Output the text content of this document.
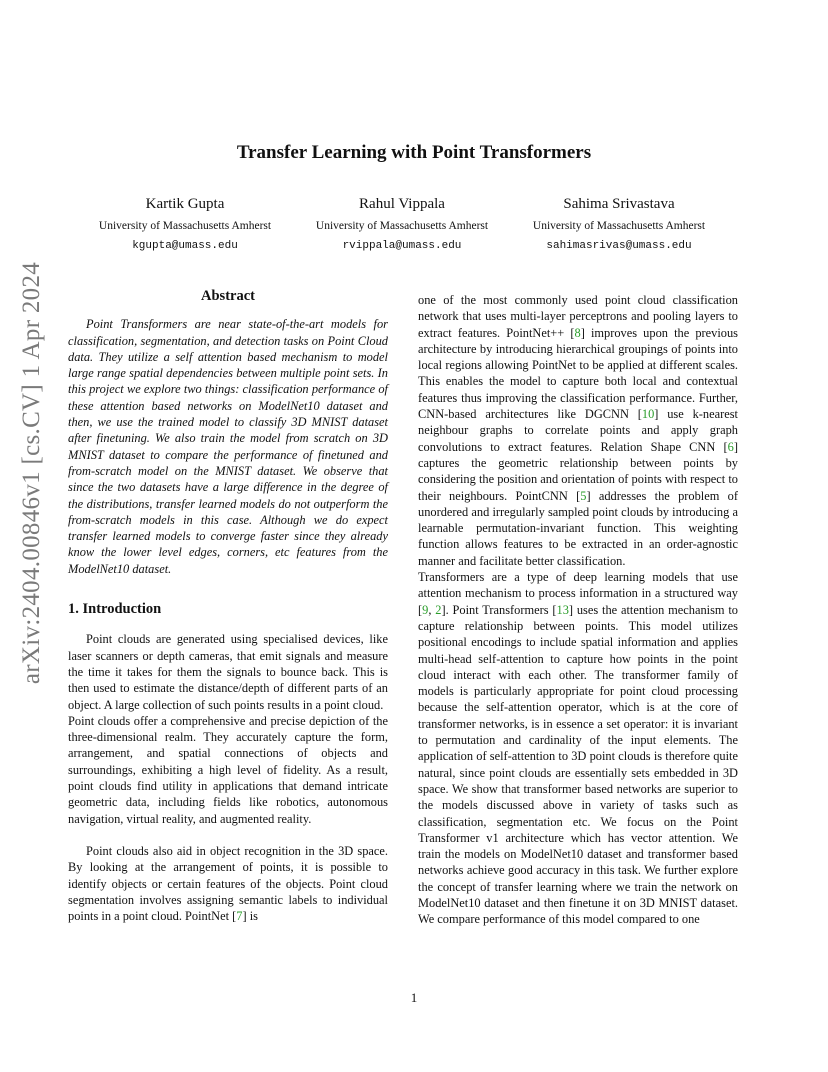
arXiv:2404.00846v1 [cs.CV] 1 Apr 2024
Transfer Learning with Point Transformers
Kartik Gupta
University of Massachusetts Amherst
kgupta@umass.edu
Rahul Vippala
University of Massachusetts Amherst
rvippala@umass.edu
Sahima Srivastava
University of Massachusetts Amherst
sahimasrivas@umass.edu
Abstract

Point Transformers are near state-of-the-art models for classification, segmentation, and detection tasks on Point Cloud data. They utilize a self attention based mechanism to model large range spatial dependencies between multiple point sets. In this project we explore two things: classification performance of these attention based networks on ModelNet10 dataset and then, we use the trained model to classify 3D MNIST dataset after finetuning. We also train the model from scratch on 3D MNIST dataset to compare the performance of finetuned and from-scratch model on the MNIST dataset. We observe that since the two datasets have a large difference in the degree of the distributions, transfer learned models do not outperform the from-scratch models in this case. Although we do expect transfer learned models to converge faster since they already know the lower level edges, corners, etc features from the ModelNet10 dataset.

1. Introduction

Point clouds are generated using specialised devices, like laser scanners or depth cameras, that emit signals and measure the time it takes for them the signals to bounce back. This is then used to estimate the distance/depth of different parts of an object. A large collection of such points results in a point cloud.

Point clouds offer a comprehensive and precise depiction of the three-dimensional realm. They accurately capture the form, arrangement, and spatial connections of objects and surroundings, exhibiting a high level of fidelity. As a result, point clouds find utility in applications that demand intricate geometric data, including fields like robotics, autonomous navigation, virtual reality, and augmented reality.

Point clouds also aid in object recognition in the 3D space. By looking at the arrangement of points, it is possible to identify objects or certain features of the objects. Point cloud segmentation involves assigning semantic labels to individual points in a point cloud. PointNet [7] is

one of the most commonly used point cloud classification network that uses multi-layer perceptrons and pooling layers to extract features. PointNet++ [8] improves upon the previous architecture by introducing hierarchical groupings of points into local regions allowing PointNet to be applied at different scales. This enables the model to capture both local and contextual features thus improving the classification performance. Further, CNN-based architectures like DGCNN [10] use k-nearest neighbour graphs to correlate points and apply graph convolutions to extract features. Relation Shape CNN [6] captures the geometric relationship between points by considering the position and orientation of points with respect to their neighbours. PointCNN [5] addresses the problem of unordered and irregularly sampled point clouds by introducing a learnable permutation-invariant function. This weighting function allows features to be extracted in an order-agnostic manner and facilitate better classification.

Transformers are a type of deep learning models that use attention mechanism to process information in a structured way [9, 2]. Point Transformers [13] uses the attention mechanism to capture relationship between points. This model utilizes positional encodings to include spatial information and applies multi-head self-attention to capture how points in the point cloud interact with each other. The transformer family of models is particularly appropriate for point cloud processing because the self-attention operator, which is at the core of transformer networks, is in essence a set operator: it is invariant to permutation and cardinality of the input elements. The application of self-attention to 3D point clouds is therefore quite natural, since point clouds are essentially sets embedded in 3D space. We show that transformer based networks are superior to the models discussed above in variety of tasks such as classification, segmentation etc. We focus on the Point Transformer v1 architecture which has vector attention. We train the models on ModelNet10 dataset and transformer based networks achieve good accuracy in this task. We further explore the concept of transfer learning where we train the network on ModelNet10 dataset and then finetune it on 3D MNIST dataset. We compare performance of this model compared to one

1
